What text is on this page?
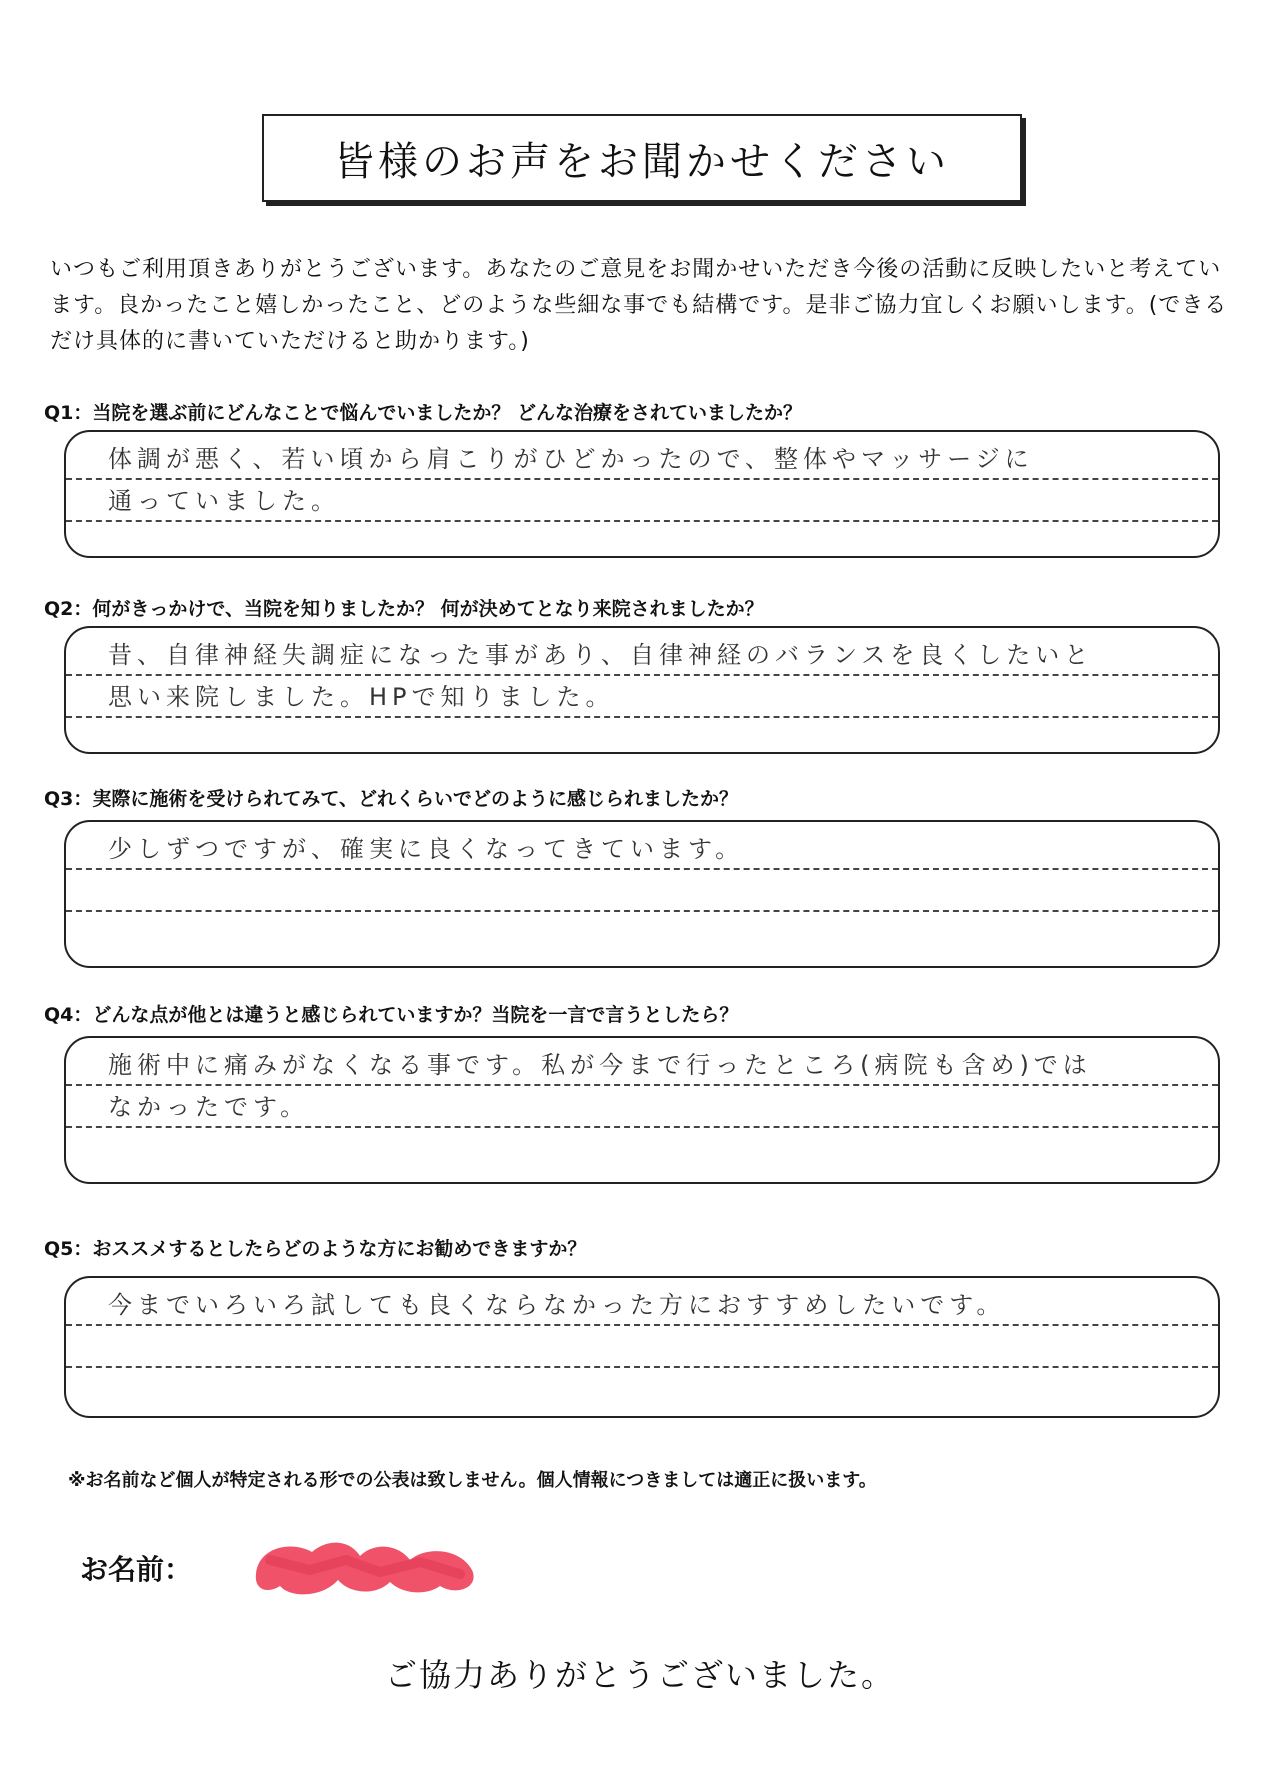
皆様のお声をお聞かせください
いつもご利用頂きありがとうございます。あなたのご意見をお聞かせいただき今後の活動に反映したいと考えています。良かったこと嬉しかったこと、どのような些細な事でも結構です。是非ご協力宜しくお願いします。(できるだけ具体的に書いていただけると助かります。)
Q1：当院を選ぶ前にどんなことで悩んでいましたか？ どんな治療をされていましたか？
体調が悪く、若い頃から肩こりがひどかったので、整体やマッサージに
通っていました。
Q2：何がきっかけで、当院を知りましたか？ 何が決めてとなり来院されましたか？
昔、自律神経失調症になった事があり、自律神経のバランスを良くしたいと
思い来院しました。HPで知りました。
Q3：実際に施術を受けられてみて、どれくらいでどのように感じられましたか？
少しずつですが、確実に良くなってきています。
Q4：どんな点が他とは違うと感じられていますか？当院を一言で言うとしたら？
施術中に痛みがなくなる事です。私が今まで行ったところ(病院も含め)では
なかったです。
Q5：おススメするとしたらどのような方にお勧めできますか？
今までいろいろ試しても良くならなかった方におすすめしたいです。
※お名前など個人が特定される形での公表は致しません。個人情報につきましては適正に扱います。
お名前：
ご協力ありがとうございました。
